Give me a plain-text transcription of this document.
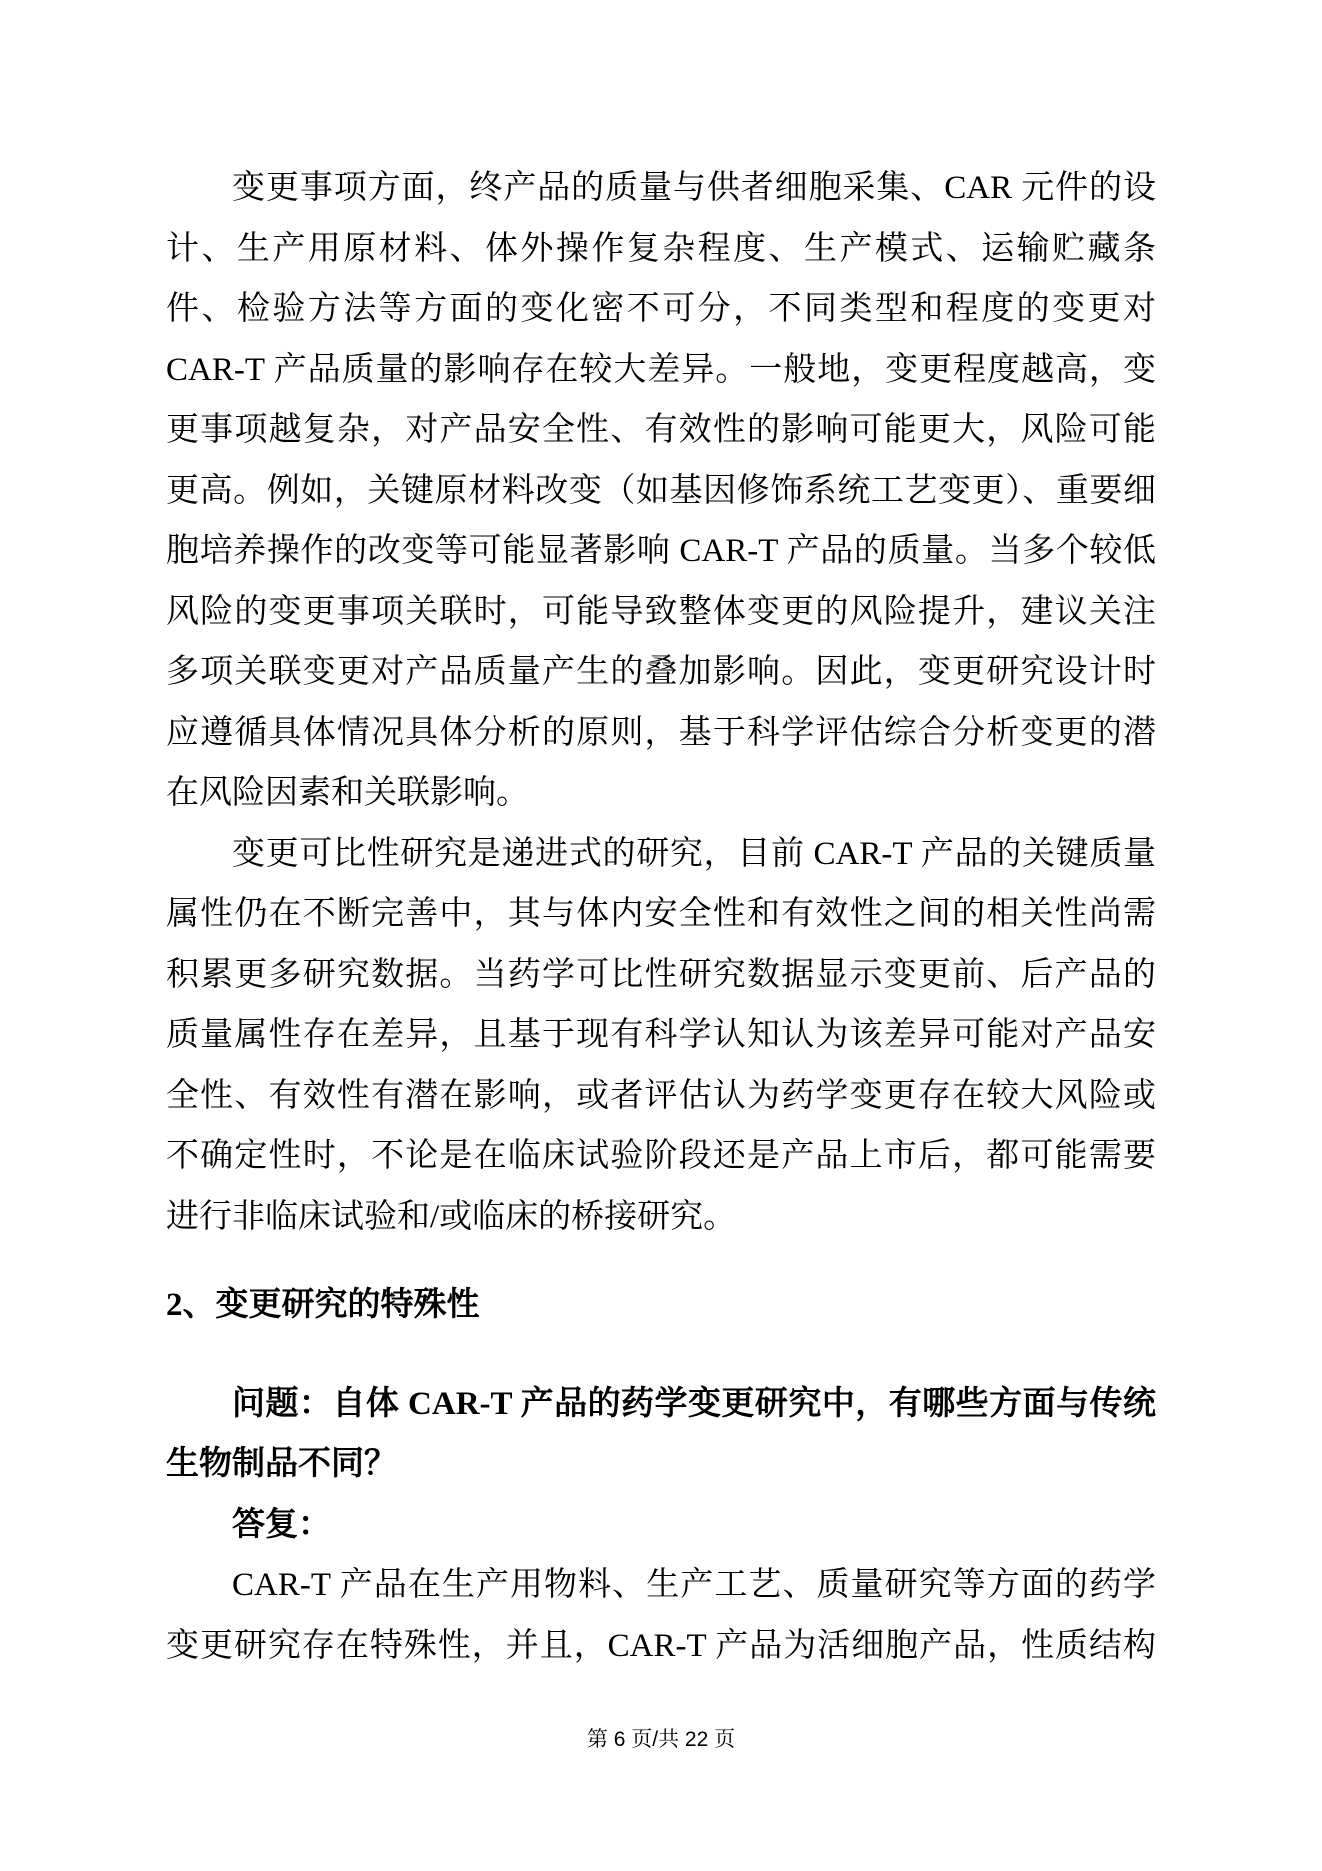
变更事项方面，终产品的质量与供者细胞采集、CAR 元件的设
计、生产用原材料、体外操作复杂程度、生产模式、运输贮藏条
件、检验方法等方面的变化密不可分，不同类型和程度的变更对
CAR-T 产品质量的影响存在较大差异。一般地，变更程度越高，变
更事项越复杂，对产品安全性、有效性的影响可能更大，风险可能
更高。例如，关键原材料改变（如基因修饰系统工艺变更）、重要细
胞培养操作的改变等可能显著影响 CAR-T 产品的质量。当多个较低
风险的变更事项关联时，可能导致整体变更的风险提升，建议关注
多项关联变更对产品质量产生的叠加影响。因此，变更研究设计时
应遵循具体情况具体分析的原则，基于科学评估综合分析变更的潜
在风险因素和关联影响。
变更可比性研究是递进式的研究，目前 CAR-T 产品的关键质量
属性仍在不断完善中，其与体内安全性和有效性之间的相关性尚需
积累更多研究数据。当药学可比性研究数据显示变更前、后产品的
质量属性存在差异，且基于现有科学认知认为该差异可能对产品安
全性、有效性有潜在影响，或者评估认为药学变更存在较大风险或
不确定性时，不论是在临床试验阶段还是产品上市后，都可能需要
进行非临床试验和/或临床的桥接研究。
2、变更研究的特殊性
问题：自体 CAR-T 产品的药学变更研究中，有哪些方面与传统
生物制品不同？
答复：
CAR-T 产品在生产用物料、生产工艺、质量研究等方面的药学
变更研究存在特殊性，并且，CAR-T 产品为活细胞产品，性质结构
第 6 页/共 22 页
